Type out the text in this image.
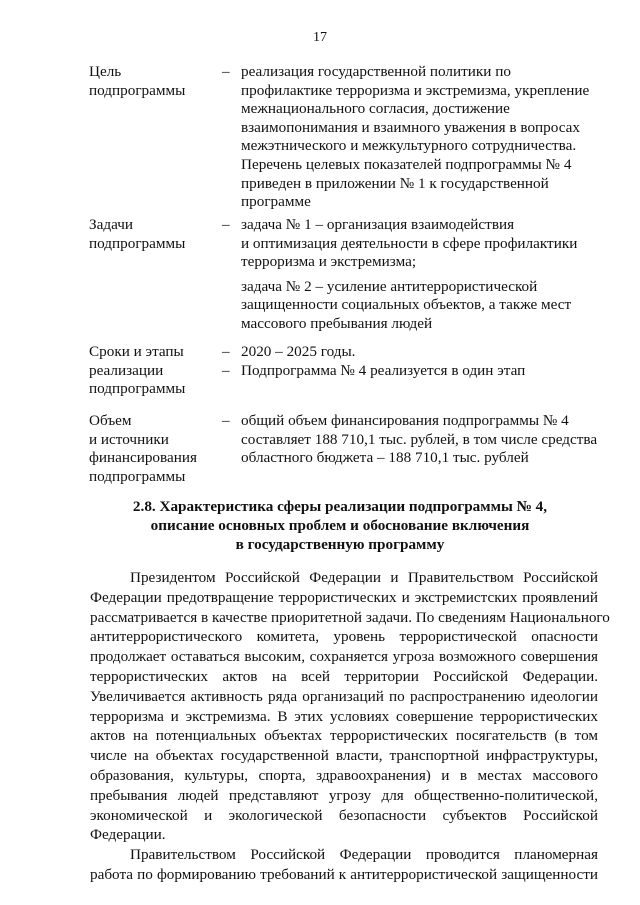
17
Цель
подпрограммы
– реализация государственной политики по
профилактике терроризма и экстремизма, укрепление
межнационального согласия, достижение
взаимопонимания и взаимного уважения в вопросах
межэтнического и межкультурного сотрудничества.
Перечень целевых показателей подпрограммы № 4
приведен в приложении № 1 к государственной
программе
Задачи
подпрограммы
– задача № 1 – организация взаимодействия
и оптимизация деятельности в сфере профилактики
терроризма и экстремизма;
задача № 2 – усиление антитеррористической
защищенности социальных объектов, а также мест
массового пребывания людей
Сроки и этапы
реализации
подпрограммы
–
–
2020 – 2025 годы.
Подпрограмма № 4 реализуется в один этап
Объем
и источники
финансирования
подпрограммы
– общий объем финансирования подпрограммы № 4
составляет 188 710,1 тыс. рублей, в том числе средства
областного бюджета – 188 710,1 тыс. рублей
2.8. Характеристика сферы реализации подпрограммы № 4,
описание основных проблем и обоснование включения
в государственную программу
Президентом Российской Федерации и Правительством Российской
Федерации предотвращение террористических и экстремистских проявлений
рассматривается в качестве приоритетной задачи. По сведениям Национального
антитеррористического комитета, уровень террористической опасности
продолжает оставаться высоким, сохраняется угроза возможного совершения
террористических актов на всей территории Российской Федерации.
Увеличивается активность ряда организаций по распространению идеологии
терроризма и экстремизма. В этих условиях совершение террористических
актов на потенциальных объектах террористических посягательств (в том
числе на объектах государственной власти, транспортной инфраструктуры,
образования, культуры, спорта, здравоохранения) и в местах массового
пребывания людей представляют угрозу для общественно-политической,
экономической и экологической безопасности субъектов Российской
Федерации.
Правительством Российской Федерации проводится планомерная
работа по формированию требований к антитеррористической защищенности
